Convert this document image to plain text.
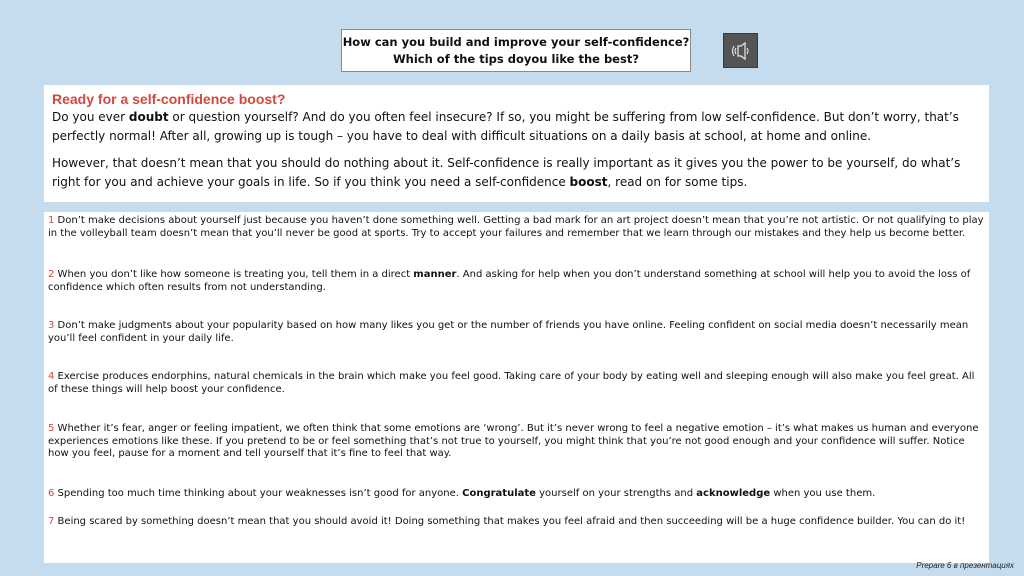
How can you build and improve your self-confidence?
Which of the tips doyou like the best?

Ready for a self-confidence boost?

Do you ever doubt or question yourself? And do you often feel insecure? If so, you might be suffering from low self-confidence. But don’t worry, that’s perfectly normal! After all, growing up is tough – you have to deal with difficult situations on a daily basis at school, at home and online.

However, that doesn’t mean that you should do nothing about it. Self-confidence is really important as it gives you the power to be yourself, do what’s right for you and achieve your goals in life. So if you think you need a self-confidence boost, read on for some tips.

1 Don’t make decisions about yourself just because you haven’t done something well. Getting a bad mark for an art project doesn’t mean that you’re not artistic. Or not qualifying to play in the volleyball team doesn’t mean that you’ll never be good at sports. Try to accept your failures and remember that we learn through our mistakes and they help us become better.

2 When you don’t like how someone is treating you, tell them in a direct manner. And asking for help when you don’t understand something at school will help you to avoid the loss of confidence which often results from not understanding.

3 Don’t make judgments about your popularity based on how many likes you get or the number of friends you have online. Feeling confident on social media doesn’t necessarily mean you’ll feel confident in your daily life.

4 Exercise produces endorphins, natural chemicals in the brain which make you feel good. Taking care of your body by eating well and sleeping enough will also make you feel great. All of these things will help boost your confidence.

5 Whether it’s fear, anger or feeling impatient, we often think that some emotions are ‘wrong’. But it’s never wrong to feel a negative emotion – it’s what makes us human and everyone experiences emotions like these. If you pretend to be or feel something that’s not true to yourself, you might think that you’re not good enough and your confidence will suffer. Notice how you feel, pause for a moment and tell yourself that it’s fine to feel that way.

6 Spending too much time thinking about your weaknesses isn’t good for anyone. Congratulate yourself on your strengths and acknowledge when you use them.

7 Being scared by something doesn’t mean that you should avoid it! Doing something that makes you feel afraid and then succeeding will be a huge confidence builder. You can do it!

Prepare 6 в презентациях
